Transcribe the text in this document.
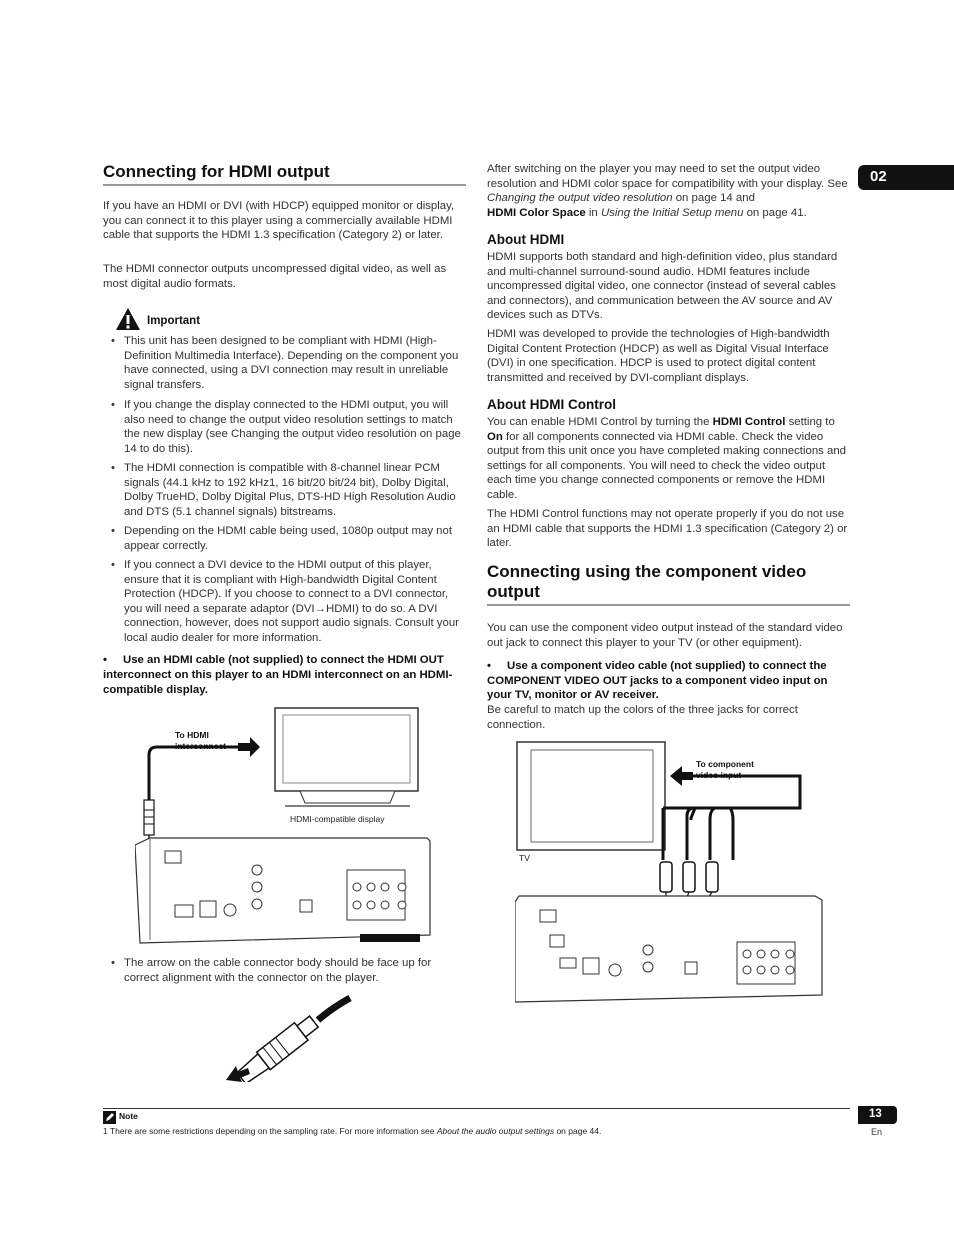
02
Connecting for HDMI output

If you have an HDMI or DVI (with HDCP) equipped monitor or display, you can connect it to this player using a commercially available HDMI cable that supports the HDMI 1.3 specification (Category 2) or later.

The HDMI connector outputs uncompressed digital video, as well as most digital audio formats.

Important
• This unit has been designed to be compliant with HDMI (High-Definition Multimedia Interface). Depending on the component you have connected, using a DVI connection may result in unreliable signal transfers.
• If you change the display connected to the HDMI output, you will also need to change the output video resolution settings to match the new display (see Changing the output video resolution on page 14 to do this).
• The HDMI connection is compatible with 8-channel linear PCM signals (44.1 kHz to 192 kHz1, 16 bit/20 bit/24 bit), Dolby Digital, Dolby TrueHD, Dolby Digital Plus, DTS-HD High Resolution Audio and DTS (5.1 channel signals) bitstreams.
• Depending on the HDMI cable being used, 1080p output may not appear correctly.
• If you connect a DVI device to the HDMI output of this player, ensure that it is compliant with High-bandwidth Digital Content Protection (HDCP). If you choose to connect to a DVI connector, you will need a separate adaptor (DVI→HDMI) to do so. A DVI connection, however, does not support audio signals. Consult your local audio dealer for more information.
• Use an HDMI cable (not supplied) to connect the HDMI OUT interconnect on this player to an HDMI interconnect on an HDMI-compatible display.
To HDMI interconnect
HDMI-compatible display
• The arrow on the cable connector body should be face up for correct alignment with the connector on the player.

After switching on the player you may need to set the output video resolution and HDMI color space for compatibility with your display. See Changing the output video resolution on page 14 and
HDMI Color Space in Using the Initial Setup menu on page 41.

About HDMI

HDMI supports both standard and high-definition video, plus standard and multi-channel surround-sound audio. HDMI features include uncompressed digital video, one connector (instead of several cables and connectors), and communication between the AV source and AV devices such as DTVs.

HDMI was developed to provide the technologies of High-bandwidth Digital Content Protection (HDCP) as well as Digital Visual Interface (DVI) in one specification. HDCP is used to protect digital content transmitted and received by DVI-compliant displays.

About HDMI Control

You can enable HDMI Control by turning the HDMI Control setting to On for all components connected via HDMI cable. Check the video output from this unit once you have completed making connections and settings for all components. You will need to check the video output each time you change connected components or remove the HDMI cable.

The HDMI Control functions may not operate properly if you do not use an HDMI cable that supports the HDMI 1.3 specification (Category 2) or later.

Connecting using the component video output

You can use the component video output instead of the standard video out jack to connect this player to your TV (or other equipment).

• Use a component video cable (not supplied) to connect the COMPONENT VIDEO OUT jacks to a component video input on your TV, monitor or AV receiver.

Be careful to match up the colors of the three jacks for correct connection.

To component video input
TV
Note
1 There are some restrictions depending on the sampling rate. For more information see About the audio output settings on page 44.
13
En
